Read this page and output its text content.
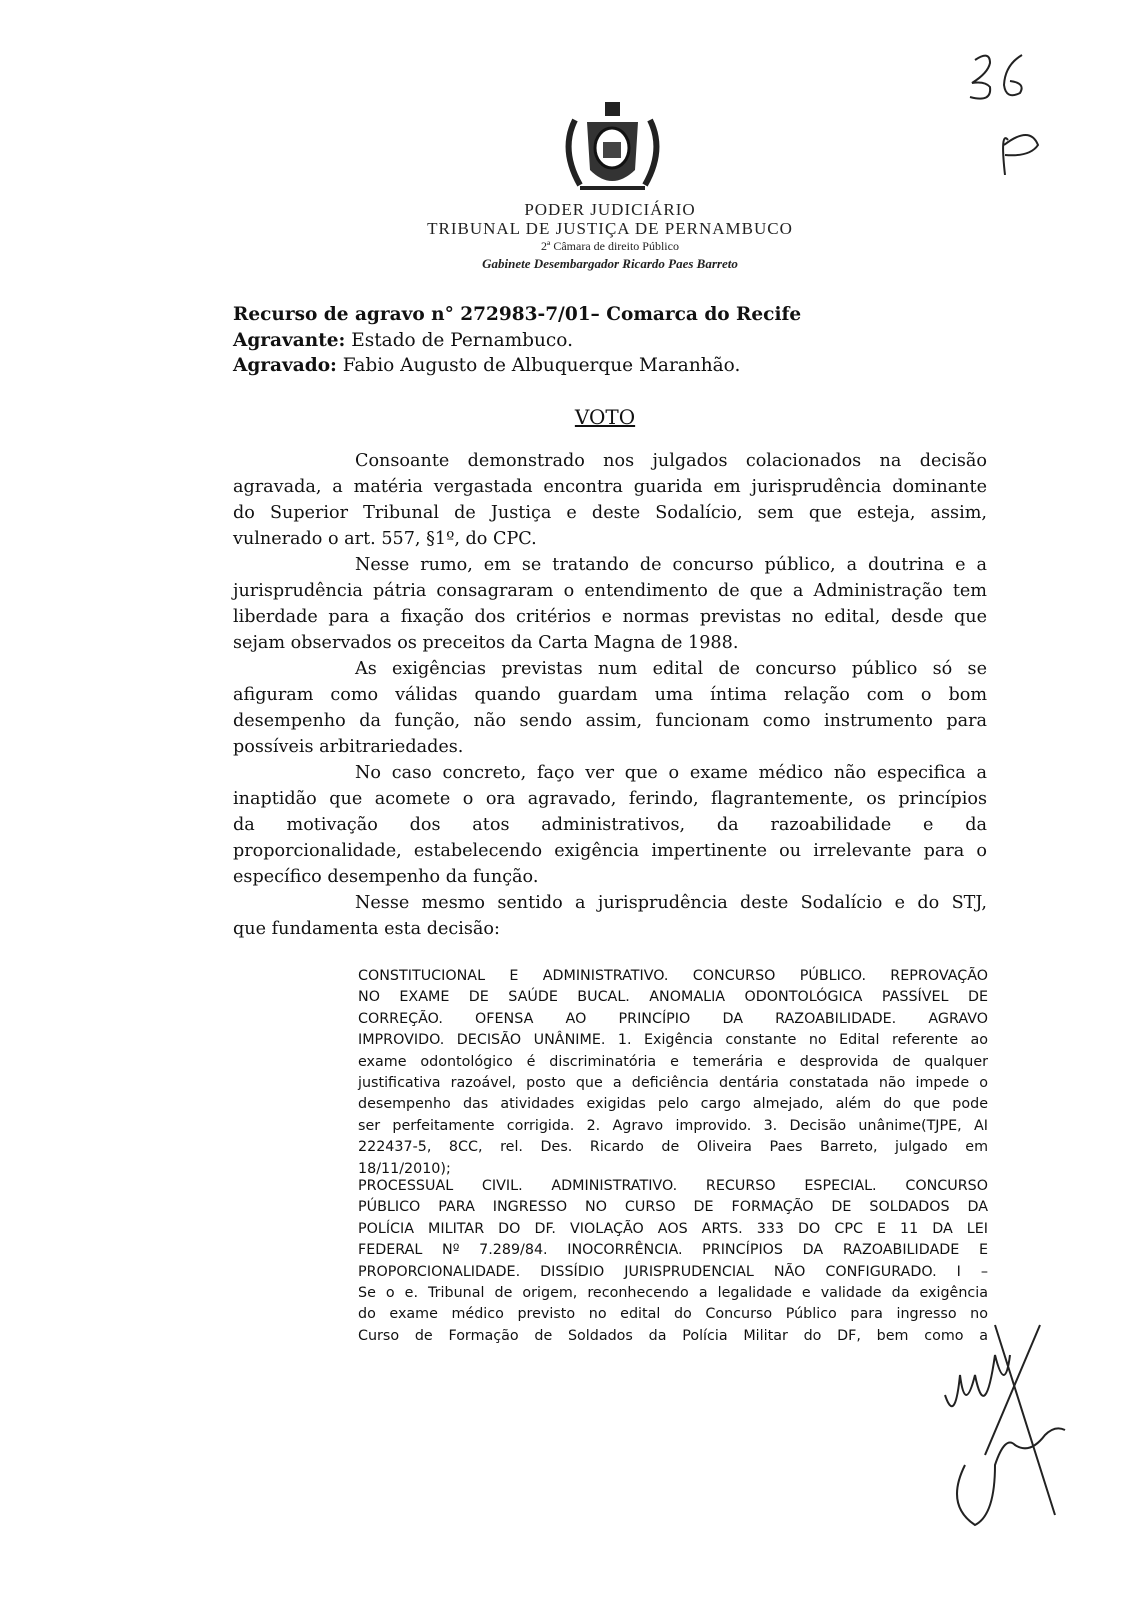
PODER JUDICIÁRIO
TRIBUNAL DE JUSTIÇA DE PERNAMBUCO
2ª Câmara de direito Público
Gabinete Desembargador Ricardo Paes Barreto
Recurso de agravo n° 272983-7/01– Comarca do Recife
Agravante: Estado de Pernambuco.
Agravado: Fabio Augusto de Albuquerque Maranhão.
VOTO
Consoante demonstrado nos julgados colacionados na decisão
agravada, a matéria vergastada encontra guarida em jurisprudência dominante
do Superior Tribunal de Justiça e deste Sodalício, sem que esteja, assim,
vulnerado o art. 557, §1º, do CPC.
Nesse rumo, em se tratando de concurso público, a doutrina e a
jurisprudência pátria consagraram o entendimento de que a Administração tem
liberdade para a fixação dos critérios e normas previstas no edital, desde que
sejam observados os preceitos da Carta Magna de 1988.
As exigências previstas num edital de concurso público só se
afiguram como válidas quando guardam uma íntima relação com o bom
desempenho da função, não sendo assim, funcionam como instrumento para
possíveis arbitrariedades.
No caso concreto, faço ver que o exame médico não especifica a
inaptidão que acomete o ora agravado, ferindo, flagrantemente, os princípios
da motivação dos atos administrativos, da razoabilidade e da
proporcionalidade, estabelecendo exigência impertinente ou irrelevante para o
específico desempenho da função.
Nesse mesmo sentido a jurisprudência deste Sodalício e do STJ,
que fundamenta esta decisão:
CONSTITUCIONAL E ADMINISTRATIVO. CONCURSO PÚBLICO. REPROVAÇÃO
NO EXAME DE SAÚDE BUCAL. ANOMALIA ODONTOLÓGICA PASSÍVEL DE
CORREÇÃO. OFENSA AO PRINCÍPIO DA RAZOABILIDADE. AGRAVO
IMPROVIDO. DECISÃO UNÂNIME. 1. Exigência constante no Edital referente ao
exame odontológico é discriminatória e temerária e desprovida de qualquer
justificativa razoável, posto que a deficiência dentária constatada não impede o
desempenho das atividades exigidas pelo cargo almejado, além do que pode
ser perfeitamente corrigida. 2. Agravo improvido. 3. Decisão unânime(TJPE, AI
222437-5, 8CC, rel. Des. Ricardo de Oliveira Paes Barreto, julgado em
18/11/2010);
PROCESSUAL CIVIL. ADMINISTRATIVO. RECURSO ESPECIAL. CONCURSO
PÚBLICO PARA INGRESSO NO CURSO DE FORMAÇÃO DE SOLDADOS DA
POLÍCIA MILITAR DO DF. VIOLAÇÃO AOS ARTS. 333 DO CPC E 11 DA LEI
FEDERAL Nº 7.289/84. INOCORRÊNCIA. PRINCÍPIOS DA RAZOABILIDADE E
PROPORCIONALIDADE. DISSÍDIO JURISPRUDENCIAL NÃO CONFIGURADO. I –
Se o e. Tribunal de origem, reconhecendo a legalidade e validade da exigência
do exame médico previsto no edital do Concurso Público para ingresso no
Curso de Formação de Soldados da Polícia Militar do DF, bem como a
